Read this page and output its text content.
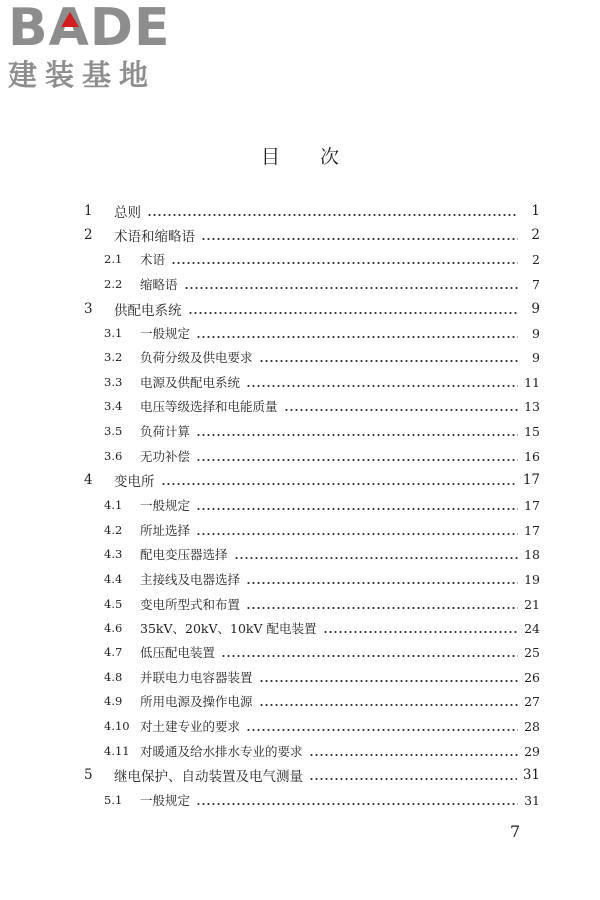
BADE
建装基地
目次
1	总则	1
2	术语和缩略语	2
2.1	术语	2
2.2	缩略语	7
3	供配电系统	9
3.1	一般规定	9
3.2	负荷分级及供电要求	9
3.3	电源及供配电系统	11
3.4	电压等级选择和电能质量	13
3.5	负荷计算	15
3.6	无功补偿	16
4	变电所	17
4.1	一般规定	17
4.2	所址选择	17
4.3	配电变压器选择	18
4.4	主接线及电器选择	19
4.5	变电所型式和布置	21
4.6	35kV、20kV、10kV 配电装置	24
4.7	低压配电装置	25
4.8	并联电力电容器装置	26
4.9	所用电源及操作电源	27
4.10 对土建专业的要求	28
4.11 对暖通及给水排水专业的要求	29
5	继电保护、自动装置及电气测量	31
5.1	一般规定	31
7
